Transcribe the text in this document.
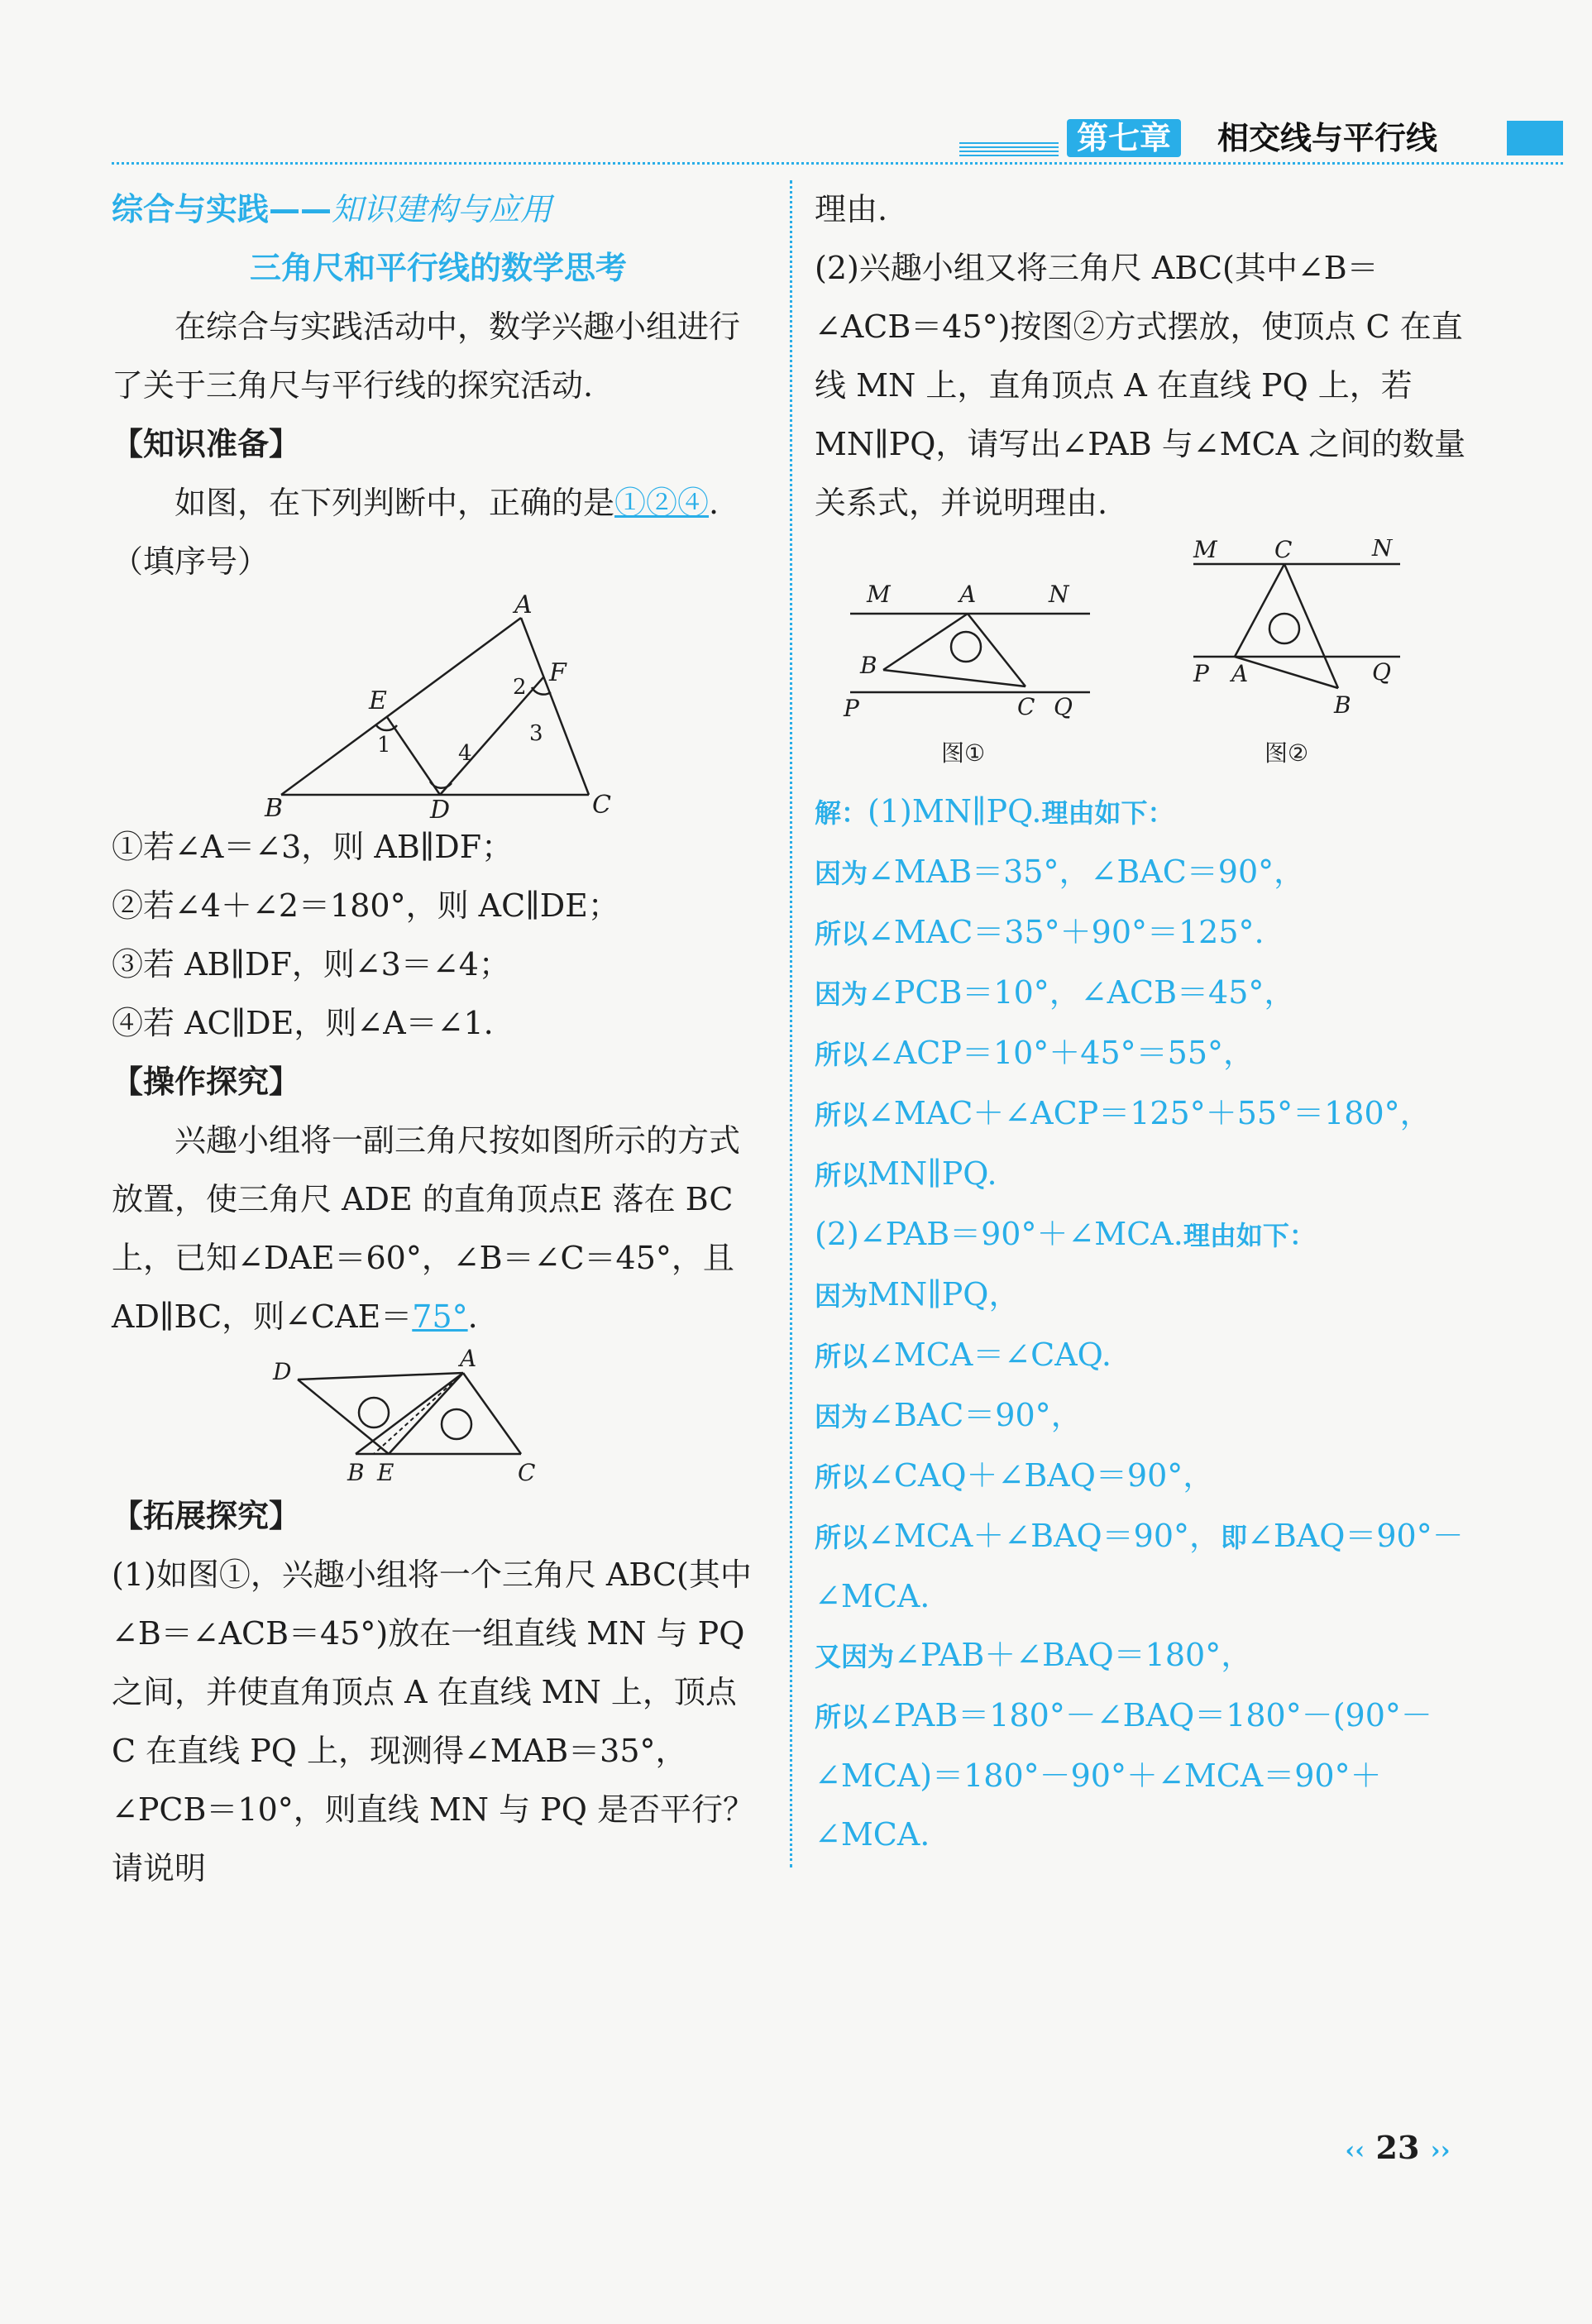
第七章	相交线与平行线

综合与实践——知识建构与应用

三角尺和平行线的数学思考

在综合与实践活动中，数学兴趣小组进行了关于三角尺与平行线的探究活动.

【知识准备】

如图，在下列判断中，正确的是①②④.（填序号）

A
B	C
D
E
F
1
2
3
4

①若∠A＝∠3，则 AB∥DF；

②若∠4＋∠2＝180°，则 AC∥DE；

③若 AB∥DF，则∠3＝∠4；

④若 AC∥DE，则∠A＝∠1.

【操作探究】

兴趣小组将一副三角尺按如图所示的方式放置，使三角尺 ADE 的直角顶点E 落在 BC 上，已知∠DAE＝60°，∠B＝∠C＝45°，且 AD∥BC，则∠CAE＝75°.

D	A
B E	C

【拓展探究】

(1)如图①，兴趣小组将一个三角尺 ABC(其中∠B＝∠ACB＝45°)放在一组直线 MN 与 PQ 之间，并使直角顶点 A 在直线 MN 上，顶点 C 在直线 PQ 上，现测得∠MAB＝35°，∠PCB＝10°，则直线 MN 与 PQ 是否平行？请说明

理由.

(2)兴趣小组又将三角尺 ABC(其中∠B＝∠ACB＝45°)按图②方式摆放，使顶点 C 在直线 MN 上，直角顶点 A 在直线 PQ 上，若 MN∥PQ，请写出∠PAB 与∠MCA 之间的数量关系式，并说明理由.

M	A	N
B
P	C Q
图①
M C	N
P A	Q
B
图②

解：(1)MN∥PQ.理由如下：

因为∠MAB＝35°，∠BAC＝90°，

所以∠MAC＝35°＋90°＝125°.

因为∠PCB＝10°，∠ACB＝45°，

所以∠ACP＝10°＋45°＝55°，

所以∠MAC＋∠ACP＝125°＋55°＝180°，

所以MN∥PQ.

(2)∠PAB＝90°＋∠MCA.理由如下：

因为MN∥PQ，

所以∠MCA＝∠CAQ.

因为∠BAC＝90°，

所以∠CAQ＋∠BAQ＝90°，

所以∠MCA＋∠BAQ＝90°，即∠BAQ＝90°－∠MCA.

又因为∠PAB＋∠BAQ＝180°，

所以∠PAB＝180°－∠BAQ＝180°－(90°－∠MCA)＝180°－90°＋∠MCA＝90°＋∠MCA.

‹‹ 23 ››
